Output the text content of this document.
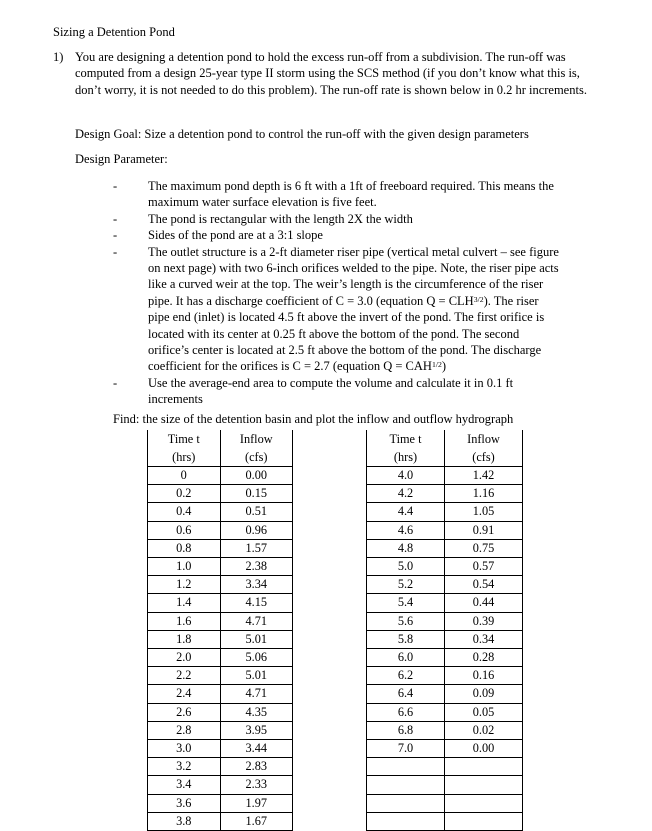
Sizing a Detention Pond
1) You are designing a detention pond to hold the excess run-off from a subdivision. The run-off was computed from a design 25-year type II storm using the SCS method (if you don’t know what this is, don’t worry, it is not needed to do this problem). The run-off rate is shown below in 0.2 hr increments.
Design Goal: Size a detention pond to control the run-off with the given design parameters
Design Parameter:
- The maximum pond depth is 6 ft with a 1ft of freeboard required. This means the maximum water surface elevation is five feet.
- The pond is rectangular with the length 2X the width
- Sides of the pond are at a 3:1 slope
- The outlet structure is a 2-ft diameter riser pipe (vertical metal culvert – see figure on next page) with two 6-inch orifices welded to the pipe. Note, the riser pipe acts like a curved weir at the top. The weir’s length is the circumference of the riser pipe. It has a discharge coefficient of C = 3.0 (equation $Q = CLH^{3/2}$). The riser pipe end (inlet) is located 4.5 ft above the invert of the pond. The first orifice is located with its center at 0.25 ft above the bottom of the pond. The second orifice’s center is located at 2.5 ft above the bottom of the pond. The discharge coefficient for the orifices is C = 2.7 (equation $Q = CAH^{1/2}$)
- Use the average-end area to compute the volume and calculate it in 0.1 ft increments
Find: the size of the detention basin and plot the inflow and outflow hydrograph
Time t	Inflow
(hrs)	(cfs)
0	0.00
0.2	0.15
0.4	0.51
0.6	0.96
0.8	1.57
1.0	2.38
1.2	3.34
1.4	4.15
1.6	4.71
1.8	5.01
2.0	5.06
2.2	5.01
2.4	4.71
2.6	4.35
2.8	3.95
3.0	3.44
3.2	2.83
3.4	2.33
3.6	1.97
3.8	1.67
Time t	Inflow
(hrs)	(cfs)
4.0	1.42
4.2	1.16
4.4	1.05
4.6	0.91
4.8	0.75
5.0	0.57
5.2	0.54
5.4	0.44
5.6	0.39
5.8	0.34
6.0	0.28
6.2	0.16
6.4	0.09
6.6	0.05
6.8	0.02
7.0	0.00
